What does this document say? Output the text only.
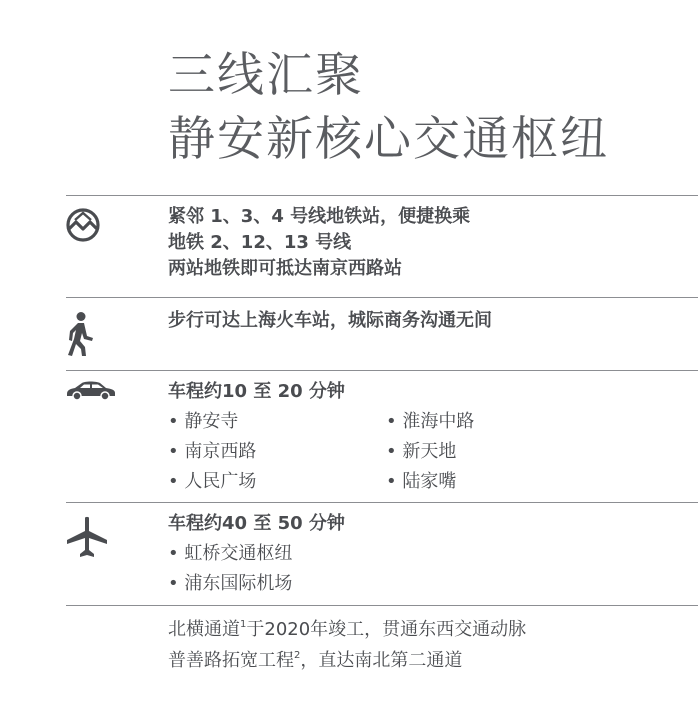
三线汇聚
静安新核心交通枢纽
紧邻 1、3、4 号线地铁站，便捷换乘
地铁 2、12、13 号线
两站地铁即可抵达南京西路站
步行可达上海火车站，城际商务沟通无间
车程约10 至 20 分钟
• 静安寺	• 淮海中路
• 南京西路	• 新天地
• 人民广场	• 陆家嘴
车程约40 至 50 分钟
• 虹桥交通枢纽
• 浦东国际机场
北横通道$^1$于2020年竣工，贯通东西交通动脉
普善路拓宽工程$^2$，直达南北第二通道
